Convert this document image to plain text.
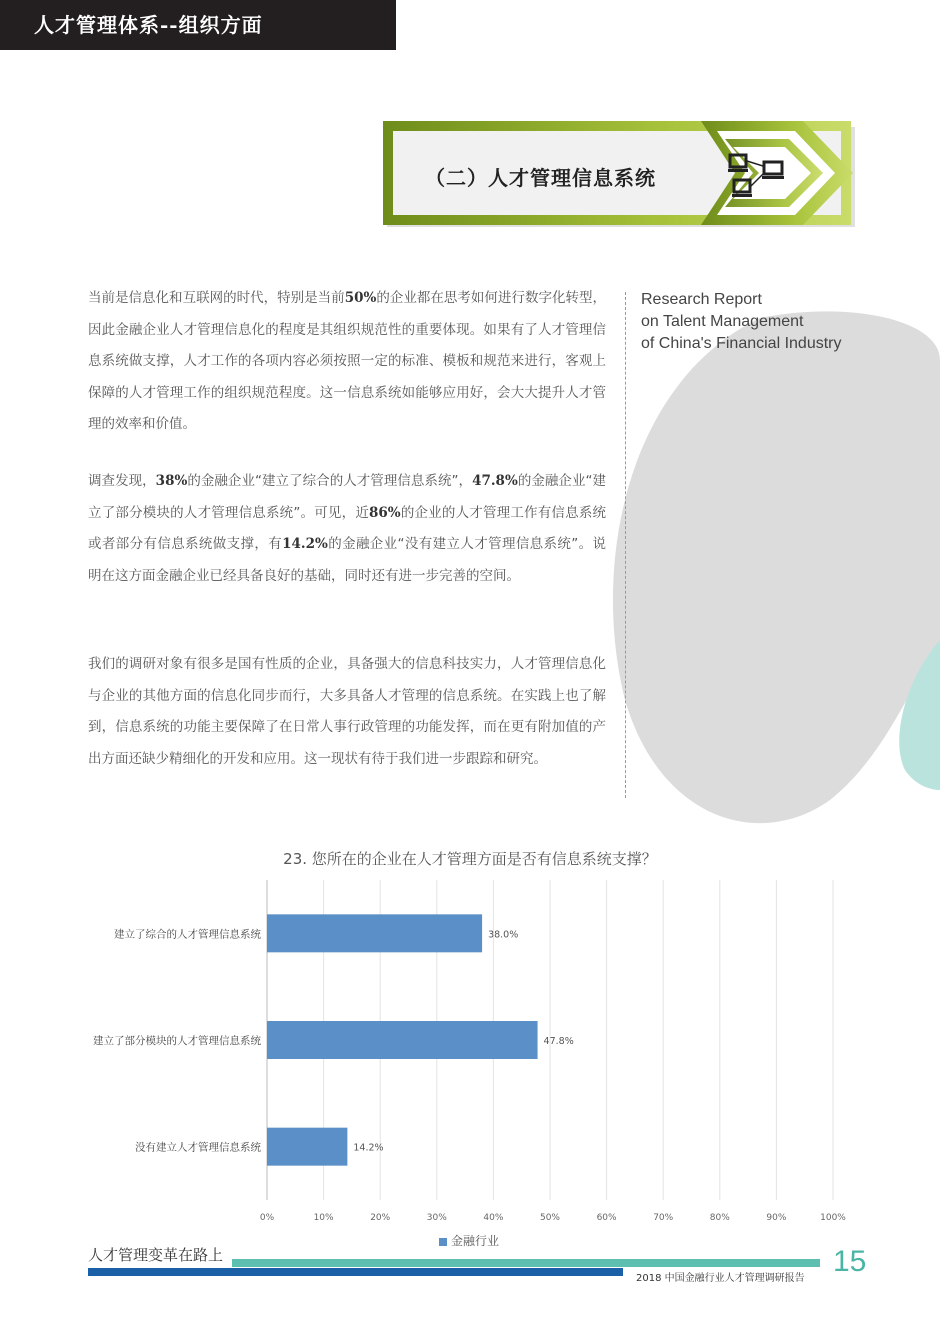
人才管理体系--组织方面
（二）人才管理信息系统
当前是信息化和互联网的时代，特别是当前50%的企业都在思考如何进行数字化转型，因此金融企业人才管理信息化的程度是其组织规范性的重要体现。如果有了人才管理信息系统做支撑，人才工作的各项内容必须按照一定的标准、模板和规范来进行，客观上保障的人才管理工作的组织规范程度。这一信息系统如能够应用好，会大大提升人才管理的效率和价值。
调查发现，38%的金融企业“建立了综合的人才管理信息系统”，47.8%的金融企业“建立了部分模块的人才管理信息系统”。可见，近86%的企业的人才管理工作有信息系统或者部分有信息系统做支撑，有14.2%的金融企业“没有建立人才管理信息系统”。说明在这方面金融企业已经具备良好的基础，同时还有进一步完善的空间。
我们的调研对象有很多是国有性质的企业，具备强大的信息科技实力，人才管理信息化与企业的其他方面的信息化同步而行，大多具备人才管理的信息系统。在实践上也了解到，信息系统的功能主要保障了在日常人事行政管理的功能发挥，而在更有附加值的产出方面还缺少精细化的开发和应用。这一现状有待于我们进一步跟踪和研究。
Research Report
on Talent Management
of China's Financial Industry
23. 您所在的企业在人才管理方面是否有信息系统支撑？
0%	10%	20%	30%	40%	50%	60%	70%	80%	90%	100%
建立了综合的人才管理信息系统	38.0%
建立了部分模块的人才管理信息系统	47.8%
没有建立人才管理信息系统	14.2%
金融行业
人才管理变革在路上
2018 中国金融行业人才管理调研报告
15
